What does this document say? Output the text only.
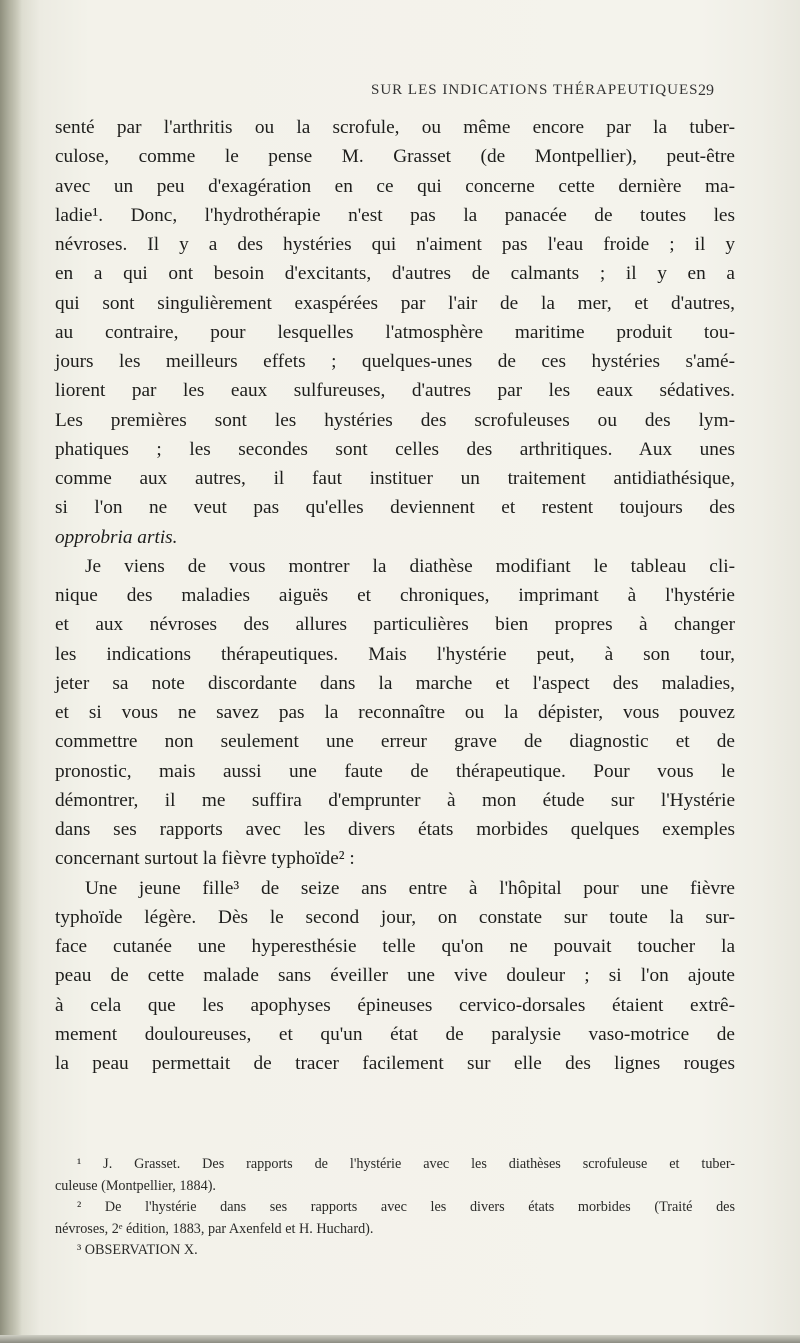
SUR LES INDICATIONS THÉRAPEUTIQUES 29
senté par l'arthritis ou la scrofule, ou même encore par la tuber-
culose, comme le pense M. Grasset (de Montpellier), peut-être
avec un peu d'exagération en ce qui concerne cette dernière ma-
ladie¹. Donc, l'hydrothérapie n'est pas la panacée de toutes les
névroses. Il y a des hystéries qui n'aiment pas l'eau froide ; il y
en a qui ont besoin d'excitants, d'autres de calmants ; il y en a
qui sont singulièrement exaspérées par l'air de la mer, et d'autres,
au contraire, pour lesquelles l'atmosphère maritime produit tou-
jours les meilleurs effets ; quelques-unes de ces hystéries s'amé-
liorent par les eaux sulfureuses, d'autres par les eaux sédatives.
Les premières sont les hystéries des scrofuleuses ou des lym-
phatiques ; les secondes sont celles des arthritiques. Aux unes
comme aux autres, il faut instituer un traitement antidiathésique,
si l'on ne veut pas qu'elles deviennent et restent toujours des
opprobria artis.
Je viens de vous montrer la diathèse modifiant le tableau cli-
nique des maladies aiguës et chroniques, imprimant à l'hystérie
et aux névroses des allures particulières bien propres à changer
les indications thérapeutiques. Mais l'hystérie peut, à son tour,
jeter sa note discordante dans la marche et l'aspect des maladies,
et si vous ne savez pas la reconnaître ou la dépister, vous pouvez
commettre non seulement une erreur grave de diagnostic et de
pronostic, mais aussi une faute de thérapeutique. Pour vous le
démontrer, il me suffira d'emprunter à mon étude sur l'Hystérie
dans ses rapports avec les divers états morbides quelques exemples
concernant surtout la fièvre typhoïde² :
Une jeune fille³ de seize ans entre à l'hôpital pour une fièvre
typhoïde légère. Dès le second jour, on constate sur toute la sur-
face cutanée une hyperesthésie telle qu'on ne pouvait toucher la
peau de cette malade sans éveiller une vive douleur ; si l'on ajoute
à cela que les apophyses épineuses cervico-dorsales étaient extrê-
mement douloureuses, et qu'un état de paralysie vaso-motrice de
la peau permettait de tracer facilement sur elle des lignes rouges
¹ J. Grasset. Des rapports de l'hystérie avec les diathèses scrofuleuse et tuber-
culeuse (Montpellier, 1884).
² De l'hystérie dans ses rapports avec les divers états morbides (Traité des
névroses, 2ᵉ édition, 1883, par Axenfeld et H. Huchard).
³ OBSERVATION X.
